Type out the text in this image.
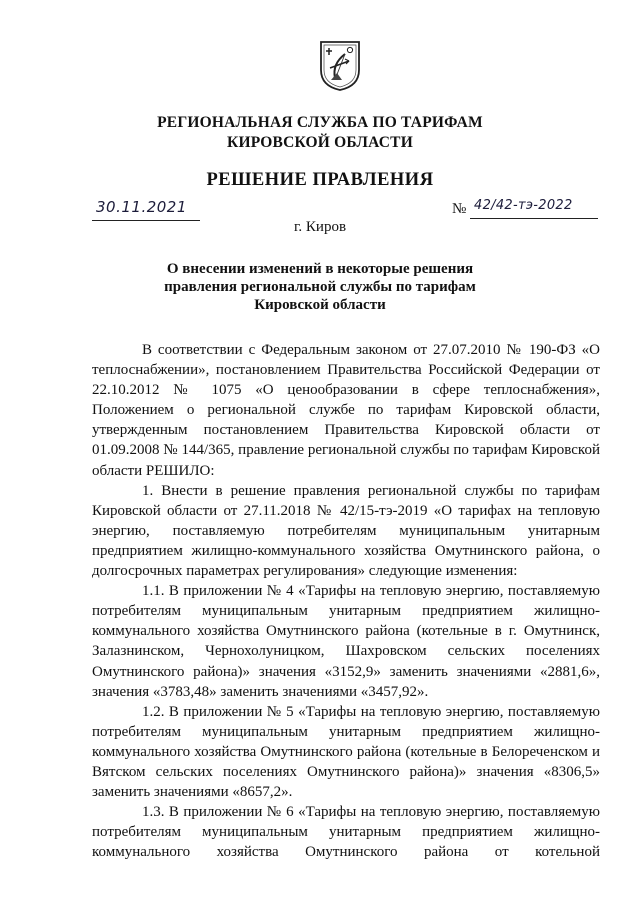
РЕГИОНАЛЬНАЯ СЛУЖБА ПО ТАРИФАМ
КИРОВСКОЙ ОБЛАСТИ
РЕШЕНИЕ ПРАВЛЕНИЯ
30.11.2021	№ 42/42-тэ-2022
г. Киров
О внесении изменений в некоторые решения
правления региональной службы по тарифам
Кировской области

В соответствии с Федеральным законом от 27.07.2010 № 190-ФЗ «О теплоснабжении», постановлением Правительства Российской Федерации от 22.10.2012 № 1075 «О ценообразовании в сфере теплоснабжения», Положением о региональной службе по тарифам Кировской области, утвержденным постановлением Правительства Кировской области от 01.09.2008 № 144/365, правление региональной службы по тарифам Кировской области РЕШИЛО:

1. Внести в решение правления региональной службы по тарифам Кировской области от 27.11.2018 № 42/15-тэ-2019 «О тарифах на тепловую энергию, поставляемую потребителям муниципальным унитарным предприятием жилищно-коммунального хозяйства Омутнинского района, о долгосрочных параметрах регулирования» следующие изменения:

1.1. В приложении № 4 «Тарифы на тепловую энергию, поставляемую потребителям муниципальным унитарным предприятием жилищно-коммунального хозяйства Омутнинского района (котельные в г. Омутнинск, Залазнинском, Чернохолуницком, Шахровском сельских поселениях Омутнинского района)» значения «3152,9» заменить значениями «2881,6», значения «3783,48» заменить значениями «3457,92».

1.2. В приложении № 5 «Тарифы на тепловую энергию, поставляемую потребителям муниципальным унитарным предприятием жилищно-коммунального хозяйства Омутнинского района (котельные в Белореченском и Вятском сельских поселениях Омутнинского района)» значения «8306,5» заменить значениями «8657,2».

1.3. В приложении № 6 «Тарифы на тепловую энергию, поставляемую потребителям муниципальным унитарным предприятием жилищно-коммунального хозяйства Омутнинского района от котельной
